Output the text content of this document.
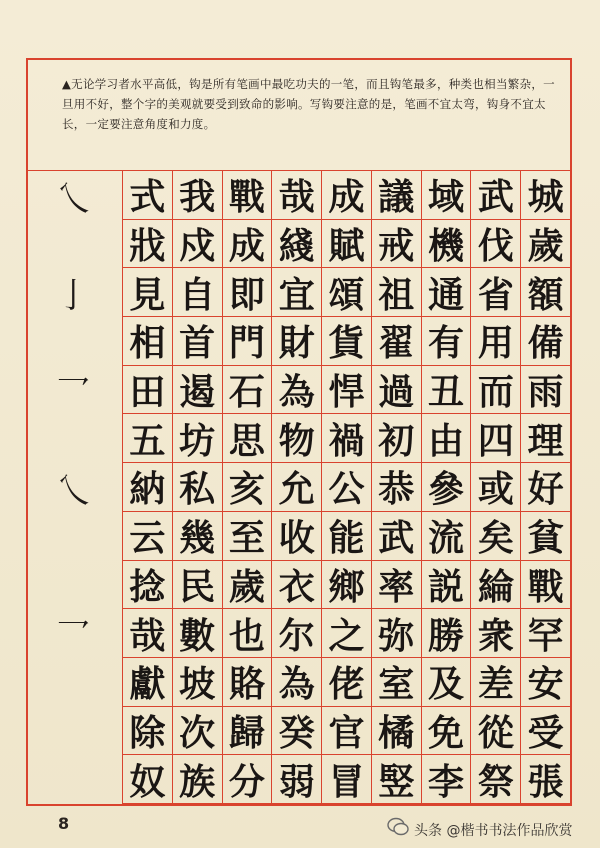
▲无论学习者水平高低，钩是所有笔画中最吃功夫的一笔，而且钩笔最多，种类也相当繁杂，一旦用不好，整个字的美观就要受到致命的影响。写钩要注意的是，笔画不宜太弯，钩身不宜太长，一定要注意角度和力度。
乀
亅
乛
乀
乛
式
戕
見
相
田
五
納
云
捻
哉
獻
除
奴
我
戍
自
首
遏
坊
私
幾
民
數
坡
次
族
戰
成
即
門
石
思
亥
至
歲
也
賂
歸
分
哉
綫
宜
財
為
物
允
收
衣
尔
為
癸
弱
成
賦
頌
貨
悍
禍
公
能
鄉
之
佬
官
冒
議
戒
祖
翟
過
初
恭
武
率
弥
室
橘
竪
域
機
通
有
丑
由
參
流
説
勝
及
免
李
武
伐
省
用
而
四
或
矣
綸
衆
差
從
祭
城
歲
額
備
雨
理
好
貧
戰
罕
安
受
張
8	头条 @楷书书法作品欣赏
